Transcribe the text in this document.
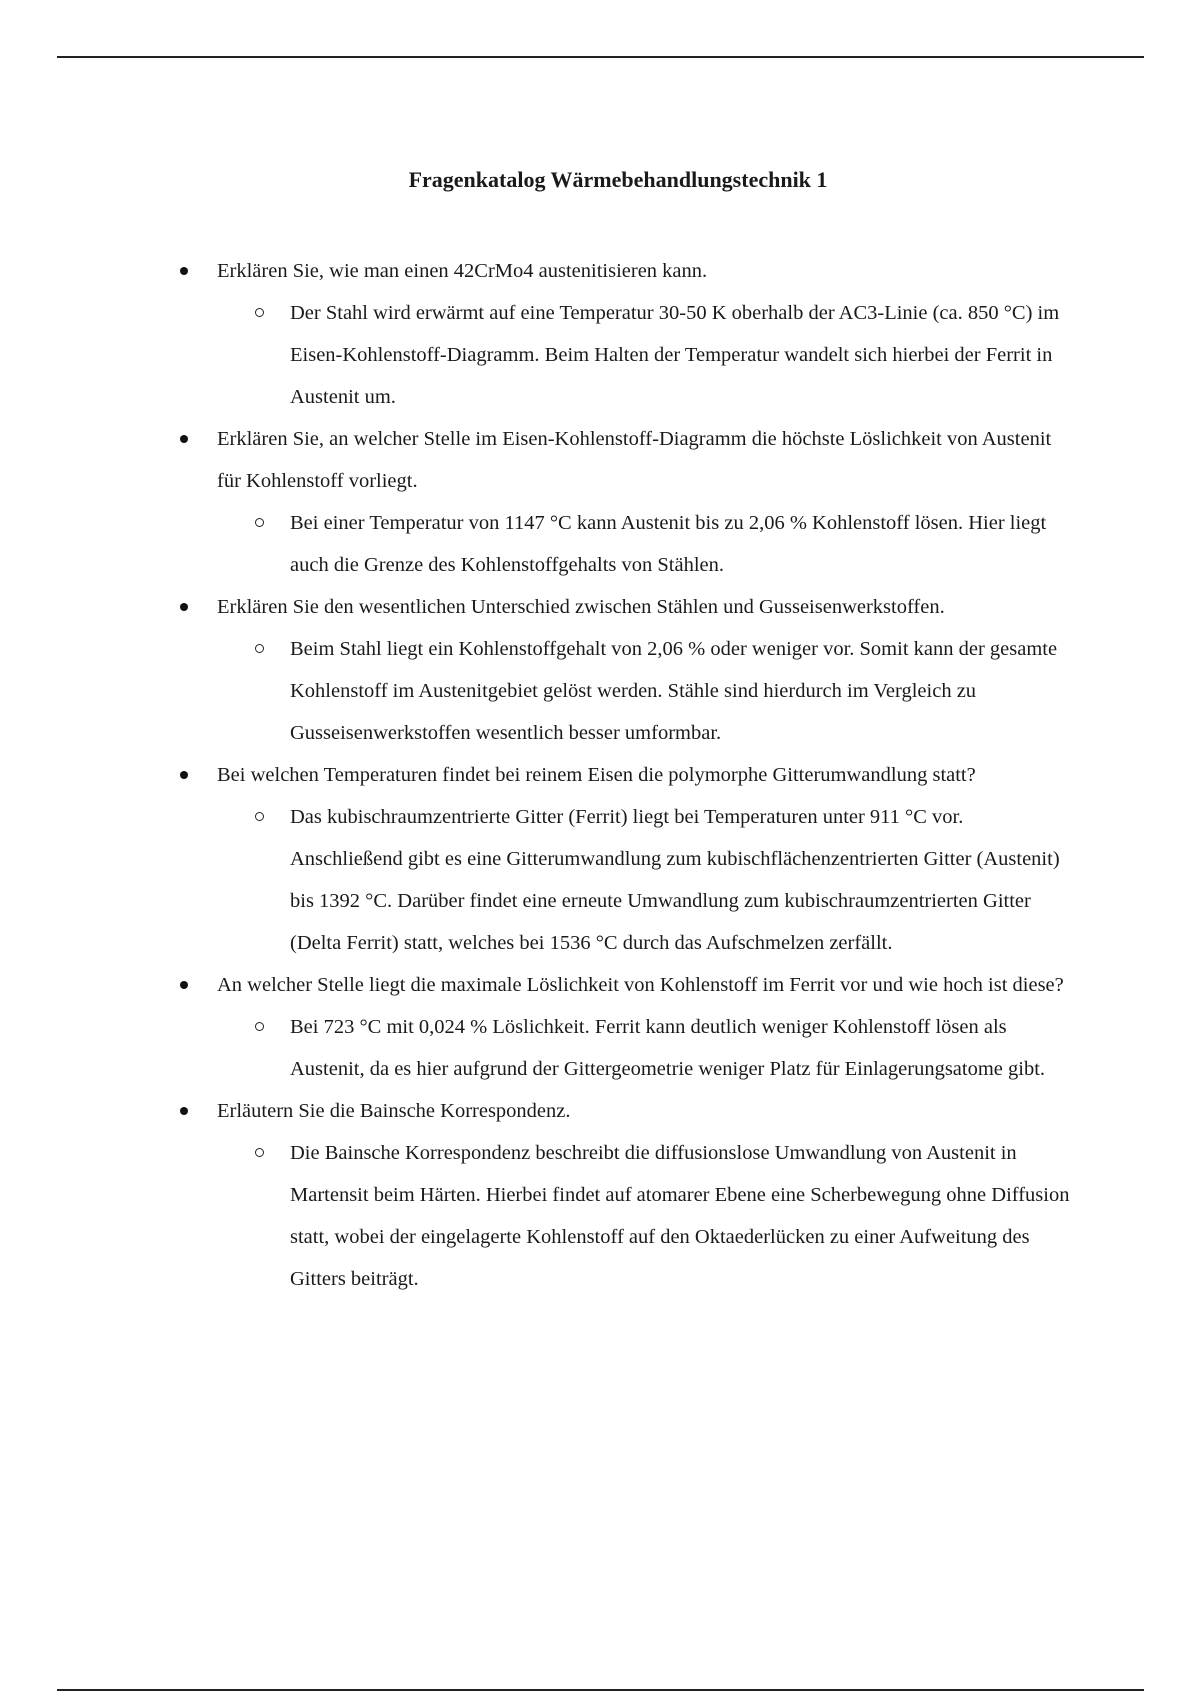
Fragenkatalog Wärmebehandlungstechnik 1
Erklären Sie, wie man einen 42CrMo4 austenitisieren kann.
Der Stahl wird erwärmt auf eine Temperatur 30-50 K oberhalb der AC3-Linie (ca. 850 °C) im Eisen-Kohlenstoff-Diagramm. Beim Halten der Temperatur wandelt sich hierbei der Ferrit in Austenit um.
Erklären Sie, an welcher Stelle im Eisen-Kohlenstoff-Diagramm die höchste Löslichkeit von Austenit für Kohlenstoff vorliegt.
Bei einer Temperatur von 1147 °C kann Austenit bis zu 2,06 % Kohlenstoff lösen. Hier liegt auch die Grenze des Kohlenstoffgehalts von Stählen.
Erklären Sie den wesentlichen Unterschied zwischen Stählen und Gusseisenwerkstoffen.
Beim Stahl liegt ein Kohlenstoffgehalt von 2,06 % oder weniger vor. Somit kann der gesamte Kohlenstoff im Austenitgebiet gelöst werden. Stähle sind hierdurch im Vergleich zu Gusseisenwerkstoffen wesentlich besser umformbar.
Bei welchen Temperaturen findet bei reinem Eisen die polymorphe Gitterumwandlung statt?
Das kubischraumzentrierte Gitter (Ferrit) liegt bei Temperaturen unter 911 °C vor. Anschließend gibt es eine Gitterumwandlung zum kubischflächenzentrierten Gitter (Austenit) bis 1392 °C. Darüber findet eine erneute Umwandlung zum kubischraumzentrierten Gitter (Delta Ferrit) statt, welches bei 1536 °C durch das Aufschmelzen zerfällt.
An welcher Stelle liegt die maximale Löslichkeit von Kohlenstoff im Ferrit vor und wie hoch ist diese?
Bei 723 °C mit 0,024 % Löslichkeit. Ferrit kann deutlich weniger Kohlenstoff lösen als Austenit, da es hier aufgrund der Gittergeometrie weniger Platz für Einlagerungsatome gibt.
Erläutern Sie die Bainsche Korrespondenz.
Die Bainsche Korrespondenz beschreibt die diffusionslose Umwandlung von Austenit in Martensit beim Härten. Hierbei findet auf atomarer Ebene eine Scherbewegung ohne Diffusion statt, wobei der eingelagerte Kohlenstoff auf den Oktaederlücken zu einer Aufweitung des Gitters beiträgt.
